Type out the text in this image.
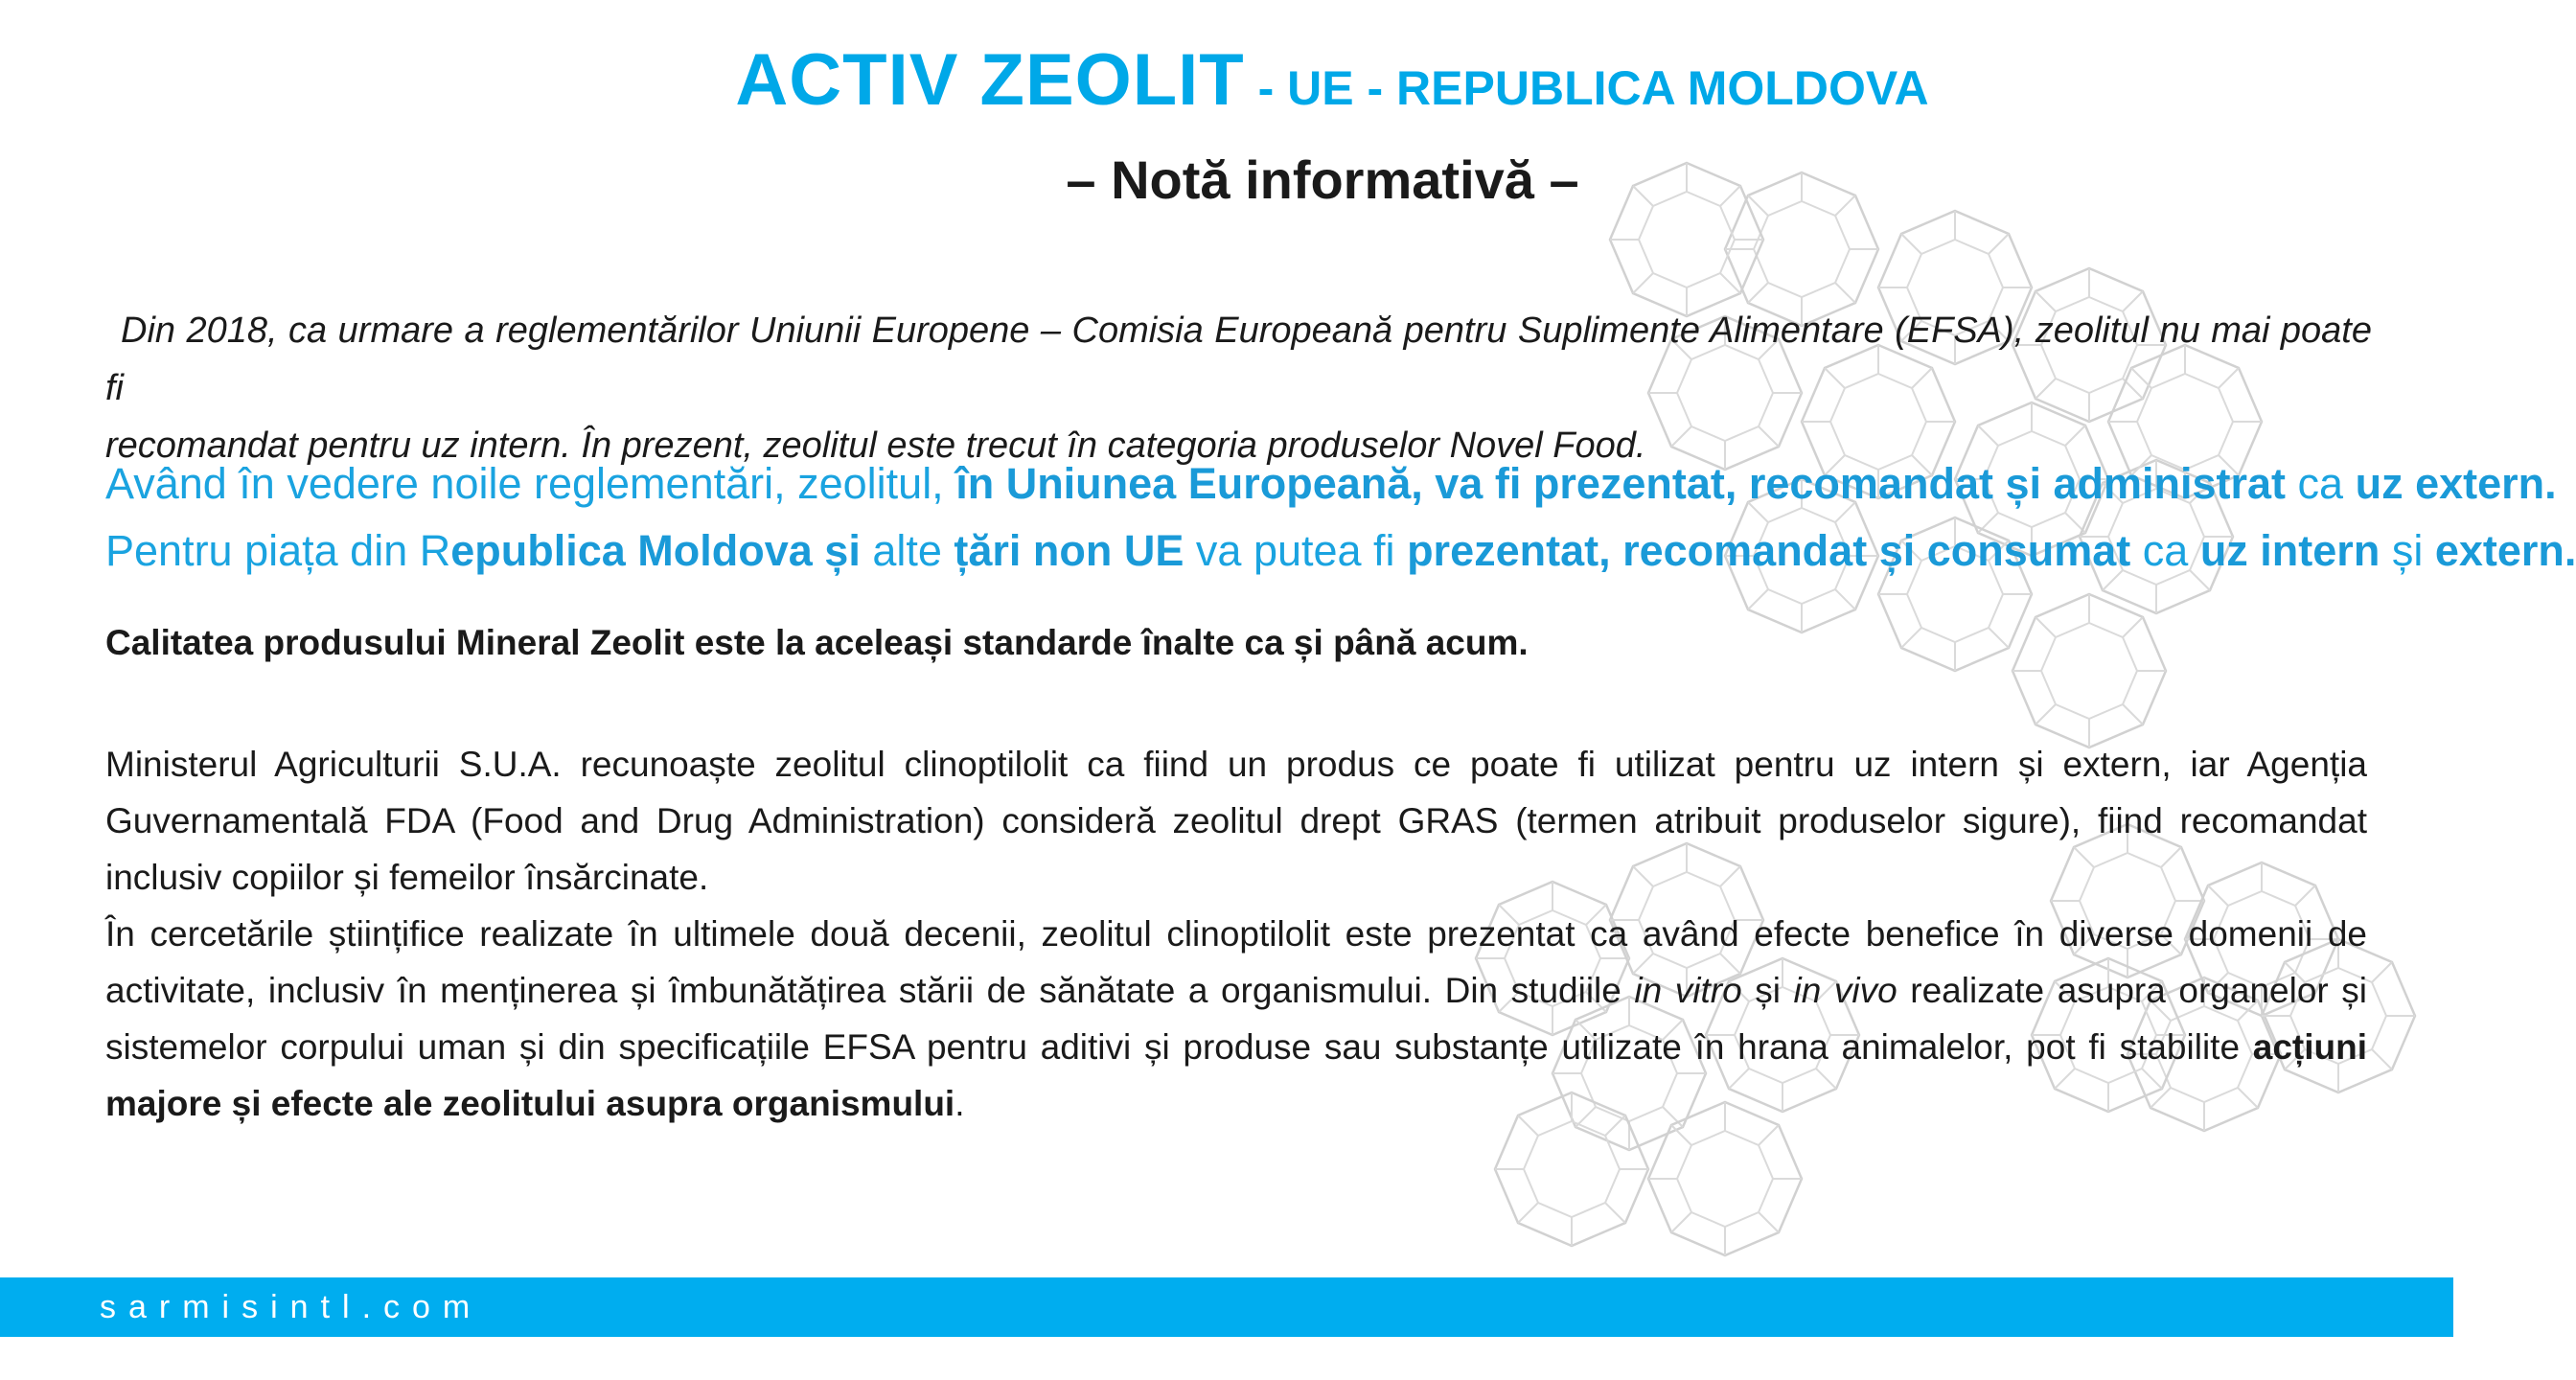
ACTIV ZEOLIT - UE - REPUBLICA MOLDOVA
– Notă informativă –

Din 2018, ca urmare a reglementărilor Uniunii Europene – Comisia Europeană pentru Suplimente Alimentare (EFSA), zeolitul nu mai poate fi
recomandat pentru uz intern. În prezent, zeolitul este trecut în categoria produselor Novel Food.

Având în vedere noile reglementări, zeolitul, în Uniunea Europeană, va fi prezentat, recomandat și administrat ca uz extern.

Pentru piața din Republica Moldova și alte țări non UE va putea fi prezentat, recomandat și consumat ca uz intern și extern.

Calitatea produsului Mineral Zeolit este la aceleași standarde înalte ca și până acum.

Ministerul Agriculturii S.U.A. recunoaște zeolitul clinoptilolit ca fiind un produs ce poate fi utilizat pentru uz intern și extern, iar Agenția Guvernamentală FDA (Food and Drug Administration) consideră zeolitul drept GRAS (termen atribuit produselor sigure), fiind recomandat inclusiv copiilor și femeilor însărcinate.

În cercetările științifice realizate în ultimele două decenii, zeolitul clinoptilolit este prezentat ca având efecte benefice în diverse domenii de activitate, inclusiv în menținerea și îmbunătățirea stării de sănătate a organismului. Din studiile in vitro și in vivo realizate asupra organelor și sistemelor corpului uman și din specificațiile EFSA pentru aditivi și produse sau substanțe utilizate în hrana animalelor, pot fi stabilite acțiuni majore și efecte ale zeolitului asupra organismului.

sarmisintl.com
